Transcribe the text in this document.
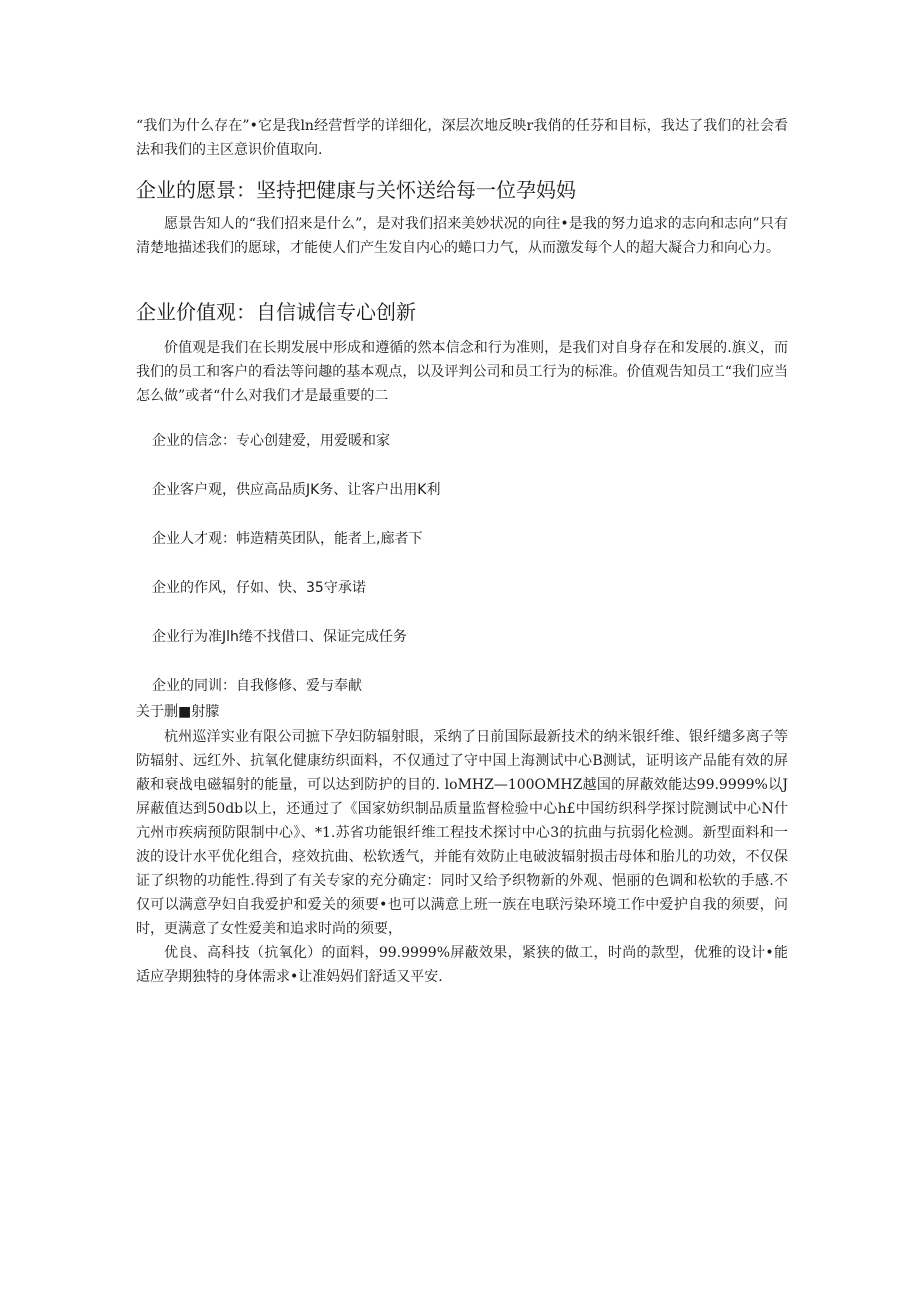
“我们为什么存在”•它是我ln经营哲学的详细化，深层次地反映r我俏的任芬和目标，我达了我们的社会看法和我们的主区意识价值取向.

企业的愿景：坚持把健康与关怀送给每一位孕妈妈

愿景告知人的“我们招来是什么”，是对我们招来美妙状况的向往•是我的努力追求的志向和志向”只有清楚地描述我们的愿球，才能使人们产生发自内心的蜷口力气，从而激发每个人的超大凝合力和向心力。

企业价值观：自信诚信专心创新

价值观是我们在长期发展中形成和遵循的然本信念和行为准则，是我们对自身存在和发展的.旗义，而我们的员工和客户的看法等问趣的基本观点，以及评判公司和员工行为的标准。价值观告知员工“我们应当怎么做”或者“什么对我们才是最重要的二

企业的信念：专心创建爱，用爱暖和家

企业客户观，供应高品质JK务、让客户出用K利

企业人才观：帏造精英团队，能者上,廊者下

企业的作风，仔如、快、35守承诺

企业行为准Jlh绻不找借口、保证完成任务

企业的同训：自我修修、爱与奉献

关于删■射朦

杭州巡洋实业有限公司摭下孕妇防辐射眼，采纳了日前国际最新技术的纳米银纤维、银纤缱多离子等防辐射、远红外、抗氧化健康纺织面料，不仅通过了守中国上海测试中心B测试，证明该产品能有效的屏蔽和衰战电磁辐射的能量，可以达到防护的目的. loMHZ—100OMHZ越国的屏蔽效能达99.9999%以J屏蔽值达到50db以上，还通过了《国家妨织制品质量监督检验中心h£中国纺织科学探讨院测试中心N什亢州市疾病预防限制中心》、*1.苏省功能银纤维工程技术探讨中心3的抗曲与抗弱化检测。新型面料和一波的设计水平优化组合，痉效抗曲、松软透气，并能有效防止电破波辐射损击母体和胎儿的功效，不仅保证了织物的功能性.得到了有关专家的充分确定：同时又给予织物新的外观、悒丽的色调和松软的手感.不仅可以满意孕妇自我爱护和爱关的须要•也可以满意上班一族在电联污染环境工作中爱护自我的须要，问时，更满意了女性爱美和追求时尚的须要，

优良、高科技（抗氧化）的面料，99.9999%屏蔽效果，紧狭的做工，时尚的款型，优雅的设计•能适应孕期独特的身体需求•让准妈妈们舒适又平安.
